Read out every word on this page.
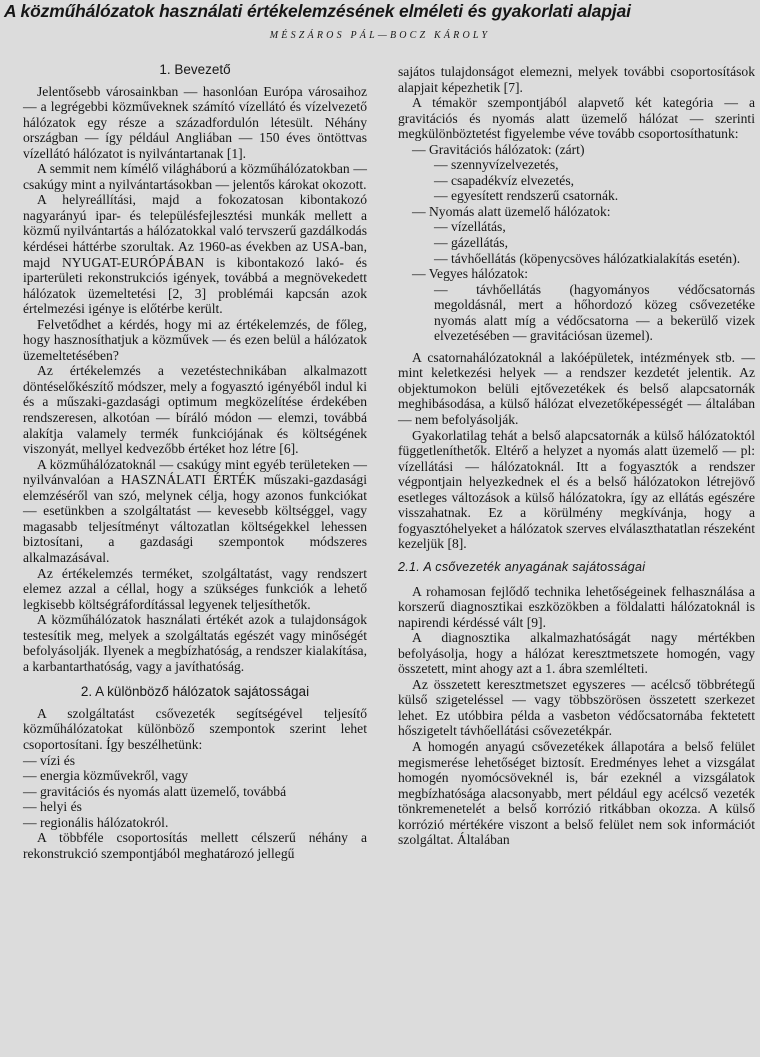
A közműhálózatok használati értékelemzésének elméleti és gyakorlati alapjai
MÉSZÁROS PÁL—BOCZ KÁROLY
1. Bevezető

Jelentősebb városainkban — hasonlóan Európa városaihoz — a legrégebbi közműveknek számító vízellátó és vízelvezető hálózatok egy része a századfordulón létesült. Néhány országban — így például Angliában — 150 éves öntöttvas vízellátó hálózatot is nyilvántartanak [1].

A semmit nem kímélő világháború a közműhálózatokban — csakúgy mint a nyilvántartásokban — jelentős károkat okozott.

A helyreállítási, majd a fokozatosan kibontakozó nagyarányú ipar- és településfejlesztési munkák mellett a közmű nyilvántartás a hálózatokkal való tervszerű gazdálkodás kérdései háttérbe szorultak. Az 1960-as években az USA-ban, majd NYUGAT-EURÓPÁBAN is kibontakozó lakó- és iparterületi rekonstrukciós igények, továbbá a megnövekedett hálózatok üzemeltetési [2, 3] problémái kapcsán azok értelmezési igénye is előtérbe került.

Felvetődhet a kérdés, hogy mi az értékelemzés, de főleg, hogy hasznosíthatjuk a közművek — és ezen belül a hálózatok üzemeltetésében?

Az értékelemzés a vezetéstechnikában alkalmazott döntéselőkészítő módszer, mely a fogyasztó igényéből indul ki és a műszaki-gazdasági optimum megközelítése érdekében rendszeresen, alkotóan — bíráló módon — elemzi, továbbá alakítja valamely termék funkciójának és költségének viszonyát, mellyel kedvezőbb értéket hoz létre [6].

A közműhálózatoknál — csakúgy mint egyéb területeken — nyilvánvalóan a HASZNÁLATI ÉRTÉK műszaki-gazdasági elemzéséről van szó, melynek célja, hogy azonos funkciókat — esetünkben a szolgáltatást — kevesebb költséggel, vagy magasabb teljesítményt változatlan költségekkel lehessen biztosítani, a gazdasági szempontok módszeres alkalmazásával.

Az értékelemzés terméket, szolgáltatást, vagy rendszert elemez azzal a céllal, hogy a szükséges funkciók a lehető legkisebb költségráfordítással legyenek teljesíthetők.

A közműhálózatok használati értékét azok a tulajdonságok testesítik meg, melyek a szolgáltatás egészét vagy minőségét befolyásolják. Ilyenek a megbízhatóság, a rendszer kialakítása, a karbantarthatóság, vagy a javíthatóság.

2. A különböző hálózatok sajátosságai

A szolgáltatást csővezeték segítségével teljesítő közműhálózatokat különböző szempontok szerint lehet csoportosítani. Így beszélhetünk:

— vízi és
— energia közművekről, vagy
— gravitációs és nyomás alatt üzemelő, továbbá
— helyi és
— regionális hálózatokról.

A többféle csoportosítás mellett célszerű néhány a rekonstrukció szempontjából meghatározó jellegű

sajátos tulajdonságot elemezni, melyek további csoportosítások alapjait képezhetik [7].

A témakör szempontjából alapvető két kategória — a gravitációs és nyomás alatt üzemelő hálózat — szerinti megkülönböztetést figyelembe véve tovább csoportosíthatunk:

— Gravitációs hálózatok: (zárt)
— szennyvízelvezetés,
— csapadékvíz elvezetés,
— egyesített rendszerű csatornák.
— Nyomás alatt üzemelő hálózatok:
— vízellátás,
— gázellátás,
— távhőellátás (köpenycsöves hálózatkialakítás esetén).
— Vegyes hálózatok:
— távhőellátás (hagyományos védőcsatornás megoldásnál, mert a hőhordozó közeg csővezetéke nyomás alatt míg a védőcsatorna — a bekerülő vizek elvezetésében — gravitációsan üzemel).

A csatornahálózatoknál a lakóépületek, intézmények stb. — mint keletkezési helyek — a rendszer kezdetét jelentik. Az objektumokon belüli ejtővezetékek és belső alapcsatornák meghibásodása, a külső hálózat elvezetőképességét — általában — nem befolyásolják.

Gyakorlatilag tehát a belső alapcsatornák a külső hálózatoktól függetleníthetők. Eltérő a helyzet a nyomás alatt üzemelő — pl: vízellátási — hálózatoknál. Itt a fogyasztók a rendszer végpontjain helyezkednek el és a belső hálózatokon létrejövő esetleges változások a külső hálózatokra, így az ellátás egészére visszahatnak. Ez a körülmény megkívánja, hogy a fogyasztóhelyeket a hálózatok szerves elválaszthatatlan részeként kezeljük [8].

2.1. A csővezeték anyagának sajátosságai

A rohamosan fejlődő technika lehetőségeinek felhasználása a korszerű diagnosztikai eszközökben a földalatti hálózatoknál is napirendi kérdéssé vált [9].

A diagnosztika alkalmazhatóságát nagy mértékben befolyásolja, hogy a hálózat keresztmetszete homogén, vagy összetett, mint ahogy azt a 1. ábra szemlélteti.

Az összetett keresztmetszet egyszeres — acélcső többrétegű külső szigeteléssel — vagy többszörösen összetett szerkezet lehet. Ez utóbbira példa a vasbeton védőcsatornába fektetett hőszigetelt távhőellátási csővezetékpár.

A homogén anyagú csővezetékek állapotára a belső felület megismerése lehetőséget biztosít. Eredményes lehet a vizsgálat homogén nyomócsöveknél is, bár ezeknél a vizsgálatok megbízhatósága alacsonyabb, mert például egy acélcső vezeték tönkremenetelét a belső korrózió ritkábban okozza. A külső korrózió mértékére viszont a belső felület nem sok információt szolgáltat. Általában
